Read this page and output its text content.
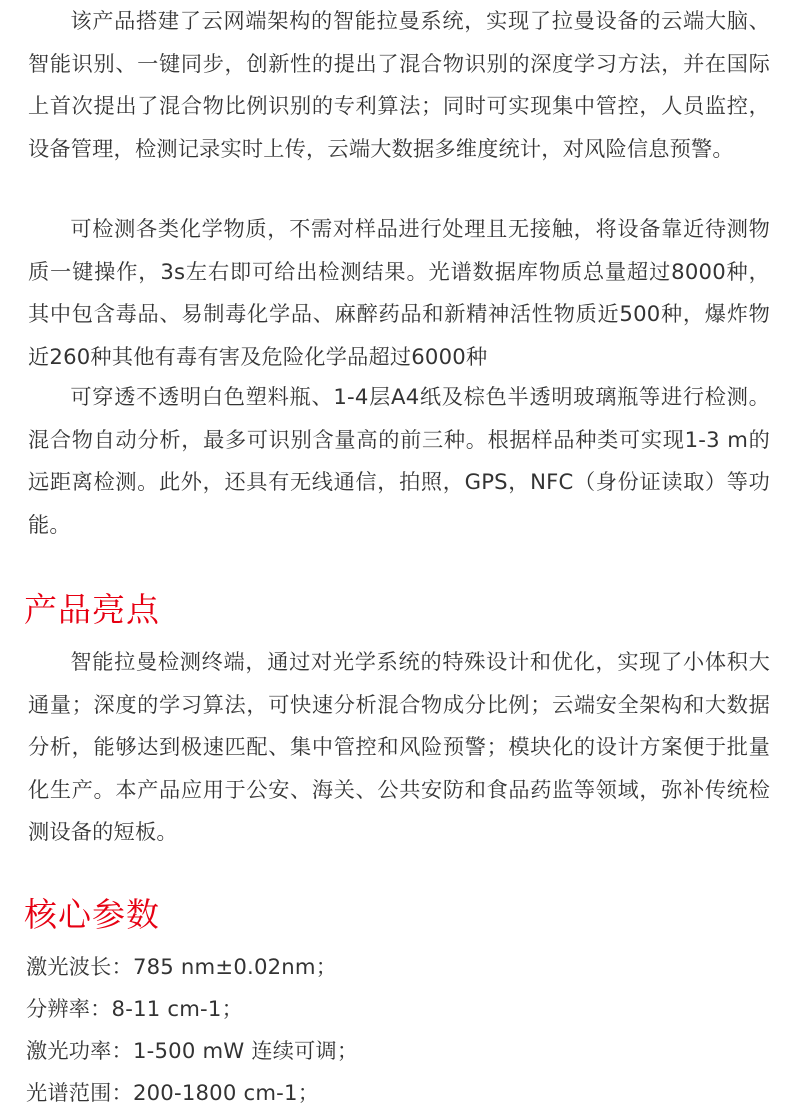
该产品搭建了云网端架构的智能拉曼系统，实现了拉曼设备的云端大脑、智能识别、一键同步，创新性的提出了混合物识别的深度学习方法，并在国际上首次提出了混合物比例识别的专利算法；同时可实现集中管控，人员监控，设备管理，检测记录实时上传，云端大数据多维度统计，对风险信息预警。

可检测各类化学物质，不需对样品进行处理且无接触，将设备靠近待测物质一键操作，3s左右即可给出检测结果。光谱数据库物质总量超过8000种，其中包含毒品、易制毒化学品、麻醉药品和新精神活性物质近500种，爆炸物近260种其他有毒有害及危险化学品超过6000种

可穿透不透明白色塑料瓶、1-4层A4纸及棕色半透明玻璃瓶等进行检测。混合物自动分析，最多可识别含量高的前三种。根据样品种类可实现1-3 m的远距离检测。此外，还具有无线通信，拍照，GPS，NFC（身份证读取）等功能。

产品亮点

智能拉曼检测终端，通过对光学系统的特殊设计和优化，实现了小体积大通量；深度的学习算法，可快速分析混合物成分比例；云端安全架构和大数据分析，能够达到极速匹配、集中管控和风险预警；模块化的设计方案便于批量化生产。本产品应用于公安、海关、公共安防和食品药监等领域，弥补传统检测设备的短板。

核心参数

激光波长：785 nm±0.02nm；

分辨率：8-11 cm-1；

激光功率：1-500 mW 连续可调；

光谱范围：200-1800 cm-1；
